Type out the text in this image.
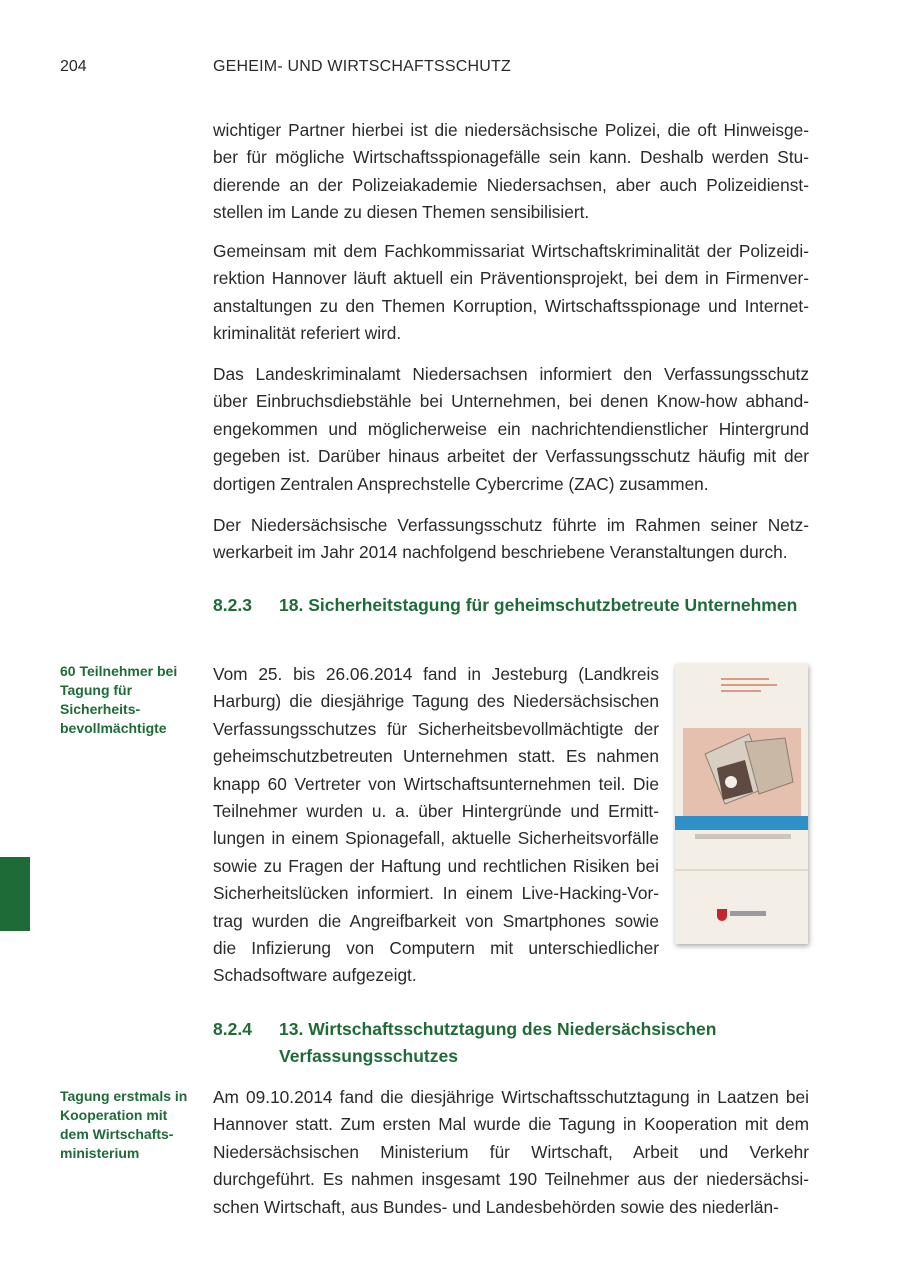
204	GEHEIM- UND WIRTSCHAFTSSCHUTZ

wichtiger Partner hierbei ist die niedersächsische Polizei, die oft Hinweisgeber für mögliche Wirtschaftsspionagefälle sein kann. Deshalb werden Studierende an der Polizeiakademie Niedersachsen, aber auch Polizeidienststellen im Lande zu diesen Themen sensibilisiert.

Gemeinsam mit dem Fachkommissariat Wirtschaftskriminalität der Polizeidirektion Hannover läuft aktuell ein Präventionsprojekt, bei dem in Firmenveranstaltungen zu den Themen Korruption, Wirtschaftsspionage und Internetkriminalität referiert wird.

Das Landeskriminalamt Niedersachsen informiert den Verfassungsschutz über Einbruchsdiebstähle bei Unternehmen, bei denen Know-how abhandengekommen und möglicherweise ein nachrichtendienstlicher Hintergrund gegeben ist. Darüber hinaus arbeitet der Verfassungsschutz häufig mit der dortigen Zentralen Ansprechstelle Cybercrime (ZAC) zusammen.

Der Niedersächsische Verfassungsschutz führte im Rahmen seiner Netzwerkarbeit im Jahr 2014 nachfolgend beschriebene Veranstaltungen durch.

8.2.3 18. Sicherheitstagung für geheimschutzbetreute Unternehmen
60 Teilnehmer bei Tagung für Sicherheitsbevollmächtigte

Vom 25. bis 26.06.2014 fand in Jesteburg (Landkreis Harburg) die diesjährige Tagung des Niedersächsischen Verfassungsschutzes für Sicherheitsbevollmächtigte der geheimschutzbetreuten Unternehmen statt. Es nahmen knapp 60 Vertreter von Wirtschaftsunternehmen teil. Die Teilnehmer wurden u. a. über Hintergründe und Ermittlungen in einem Spionagefall, aktuelle Sicherheitsvorfälle sowie zu Fragen der Haftung und rechtlichen Risiken bei Sicherheitslücken informiert. In einem Live-Hacking-Vortrag wurden die Angreifbarkeit von Smartphones sowie die Infizierung von Computern mit unterschiedlicher Schadsoftware aufgezeigt.

8.2.4 13. Wirtschaftsschutztagung des Niedersächsischen Verfassungsschutzes
Tagung erstmals in Kooperation mit dem Wirtschaftsministerium

Am 09.10.2014 fand die diesjährige Wirtschaftsschutztagung in Laatzen bei Hannover statt. Zum ersten Mal wurde die Tagung in Kooperation mit dem Niedersächsischen Ministerium für Wirtschaft, Arbeit und Verkehr durchgeführt. Es nahmen insgesamt 190 Teilnehmer aus der niedersächsischen Wirtschaft, aus Bundes- und Landesbehörden sowie des niederlän-
